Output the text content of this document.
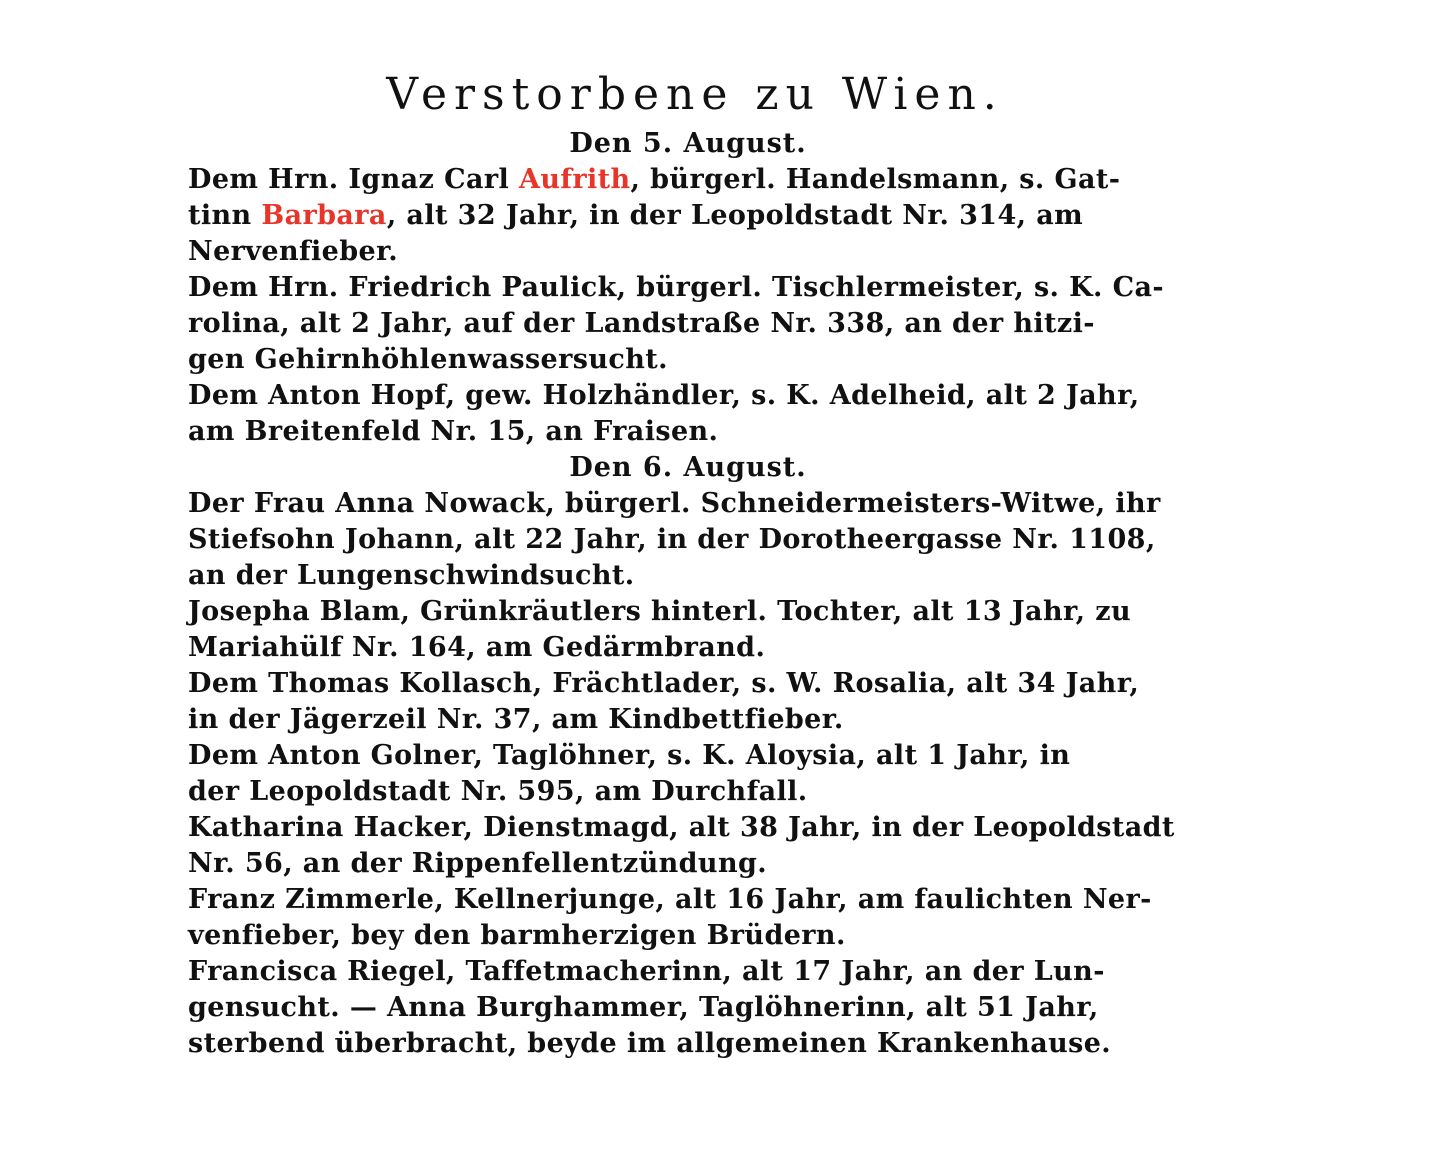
Verstorbene zu Wien.
Den 5. August.

Dem Hrn. Ignaz Carl Aufrith, bürgerl. Handelsmann, s. Gat-
tinn Barbara, alt 32 Jahr, in der Leopoldstadt Nr. 314, am
Nervenfieber.

Dem Hrn. Friedrich Paulick, bürgerl. Tischlermeister, s. K. Ca-
rolina, alt 2 Jahr, auf der Landstraße Nr. 338, an der hitzi-
gen Gehirnhöhlenwassersucht.

Dem Anton Hopf, gew. Holzhändler, s. K. Adelheid, alt 2 Jahr,
am Breitenfeld Nr. 15, an Fraisen.

Den 6. August.

Der Frau Anna Nowack, bürgerl. Schneidermeisters-Witwe, ihr
Stiefsohn Johann, alt 22 Jahr, in der Dorotheergasse Nr. 1108,
an der Lungenschwindsucht.

Josepha Blam, Grünkräutlers hinterl. Tochter, alt 13 Jahr, zu
Mariahülf Nr. 164, am Gedärmbrand.

Dem Thomas Kollasch, Frächtlader, s. W. Rosalia, alt 34 Jahr,
in der Jägerzeil Nr. 37, am Kindbettfieber.

Dem Anton Golner, Taglöhner, s. K. Aloysia, alt 1 Jahr, in
der Leopoldstadt Nr. 595, am Durchfall.

Katharina Hacker, Dienstmagd, alt 38 Jahr, in der Leopoldstadt
Nr. 56, an der Rippenfellentzündung.

Franz Zimmerle, Kellnerjunge, alt 16 Jahr, am faulichten Ner-
venfieber, bey den barmherzigen Brüdern.

Francisca Riegel, Taffetmacherinn, alt 17 Jahr, an der Lun-
gensucht. — Anna Burghammer, Taglöhnerinn, alt 51 Jahr,
sterbend überbracht, beyde im allgemeinen Krankenhause.
